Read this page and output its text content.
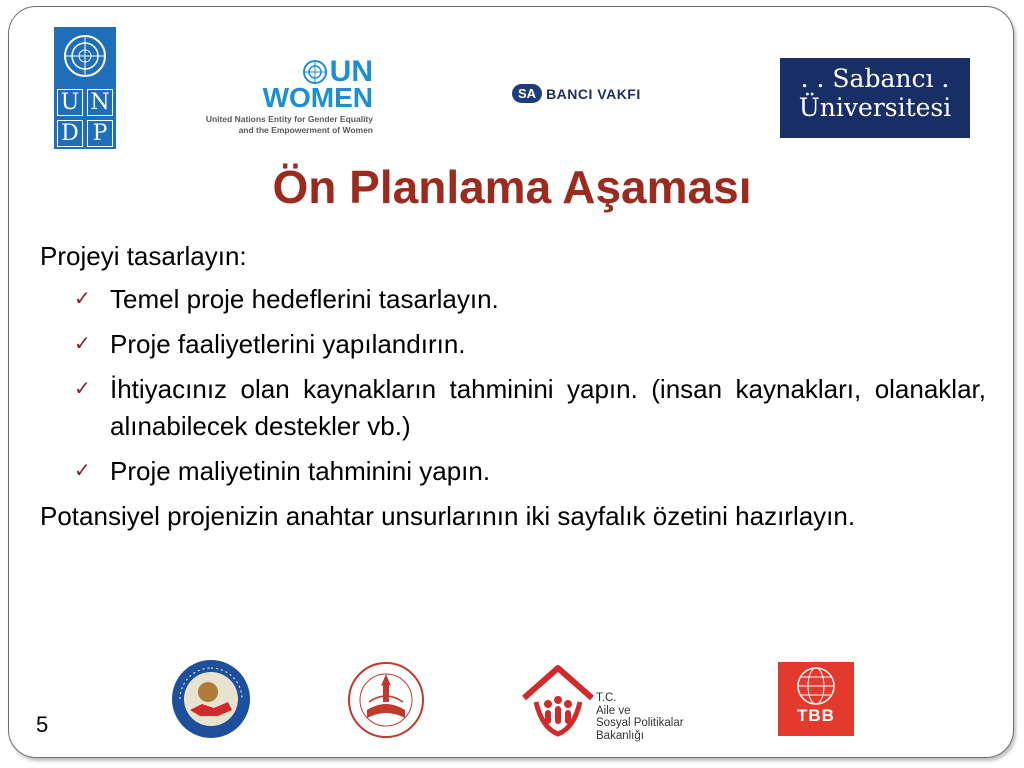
U N
D P
UN
WOMEN
United Nations Entity for Gender Equality
and the Empowerment of Women
SA BANCI VAKFI
. . Sabancı .
Üniversitesi
Ön Planlama Aşaması
Projeyi tasarlayın:
✓ Temel proje hedeflerini tasarlayın.
✓ Proje faaliyetlerini yapılandırın.
✓ İhtiyacınız olan kaynakların tahminini yapın. (insan kaynakları, olanaklar, alınabilecek destekler vb.)
✓ Proje maliyetinin tahminini yapın.
Potansiyel projenizin anahtar unsurlarının iki sayfalık özetini hazırlayın.
T.C.
Aile ve
Sosyal Politikalar
Bakanlığı
TBB
5
